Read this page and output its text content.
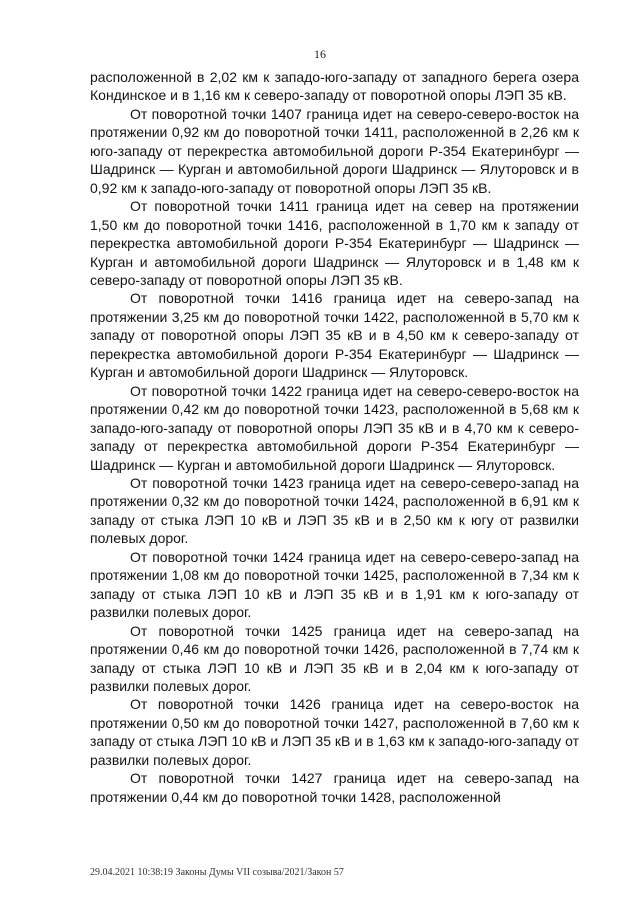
16

расположенной в 2,02 км к западо-юго-западу от западного берега озера Кондинское и в 1,16 км к северо-западу от поворотной опоры ЛЭП 35 кВ.

От поворотной точки 1407 граница идет на северо-северо-восток на протяжении 0,92 км до поворотной точки 1411, расположенной в 2,26 км к юго-западу от перекрестка автомобильной дороги Р-354 Екатеринбург — Шадринск — Курган и автомобильной дороги Шадринск — Ялуторовск и в 0,92 км к западо-юго-западу от поворотной опоры ЛЭП 35 кВ.

От поворотной точки 1411 граница идет на север на протяжении 1,50 км до поворотной точки 1416, расположенной в 1,70 км к западу от перекрестка автомобильной дороги Р-354 Екатеринбург — Шадринск — Курган и автомобильной дороги Шадринск — Ялуторовск и в 1,48 км к северо-западу от поворотной опоры ЛЭП 35 кВ.

От поворотной точки 1416 граница идет на северо-запад на протяжении 3,25 км до поворотной точки 1422, расположенной в 5,70 км к западу от поворотной опоры ЛЭП 35 кВ и в 4,50 км к северо-западу от перекрестка автомобильной дороги Р-354 Екатеринбург — Шадринск — Курган и автомобильной дороги Шадринск — Ялуторовск.

От поворотной точки 1422 граница идет на северо-северо-восток на протяжении 0,42 км до поворотной точки 1423, расположенной в 5,68 км к западо-юго-западу от поворотной опоры ЛЭП 35 кВ и в 4,70 км к северо-западу от перекрестка автомобильной дороги Р-354 Екатеринбург — Шадринск — Курган и автомобильной дороги Шадринск — Ялуторовск.

От поворотной точки 1423 граница идет на северо-северо-запад на протяжении 0,32 км до поворотной точки 1424, расположенной в 6,91 км к западу от стыка ЛЭП 10 кВ и ЛЭП 35 кВ и в 2,50 км к югу от развилки полевых дорог.

От поворотной точки 1424 граница идет на северо-северо-запад на протяжении 1,08 км до поворотной точки 1425, расположенной в 7,34 км к западу от стыка ЛЭП 10 кВ и ЛЭП 35 кВ и в 1,91 км к юго-западу от развилки полевых дорог.

От поворотной точки 1425 граница идет на северо-запад на протяжении 0,46 км до поворотной точки 1426, расположенной в 7,74 км к западу от стыка ЛЭП 10 кВ и ЛЭП 35 кВ и в 2,04 км к юго-западу от развилки полевых дорог.

От поворотной точки 1426 граница идет на северо-восток на протяжении 0,50 км до поворотной точки 1427, расположенной в 7,60 км к западу от стыка ЛЭП 10 кВ и ЛЭП 35 кВ и в 1,63 км к западо-юго-западу от развилки полевых дорог.

От поворотной точки 1427 граница идет на северо-запад на протяжении 0,44 км до поворотной точки 1428, расположенной

29.04.2021 10:38:19 Законы Думы VII созыва/2021/Закон 57
